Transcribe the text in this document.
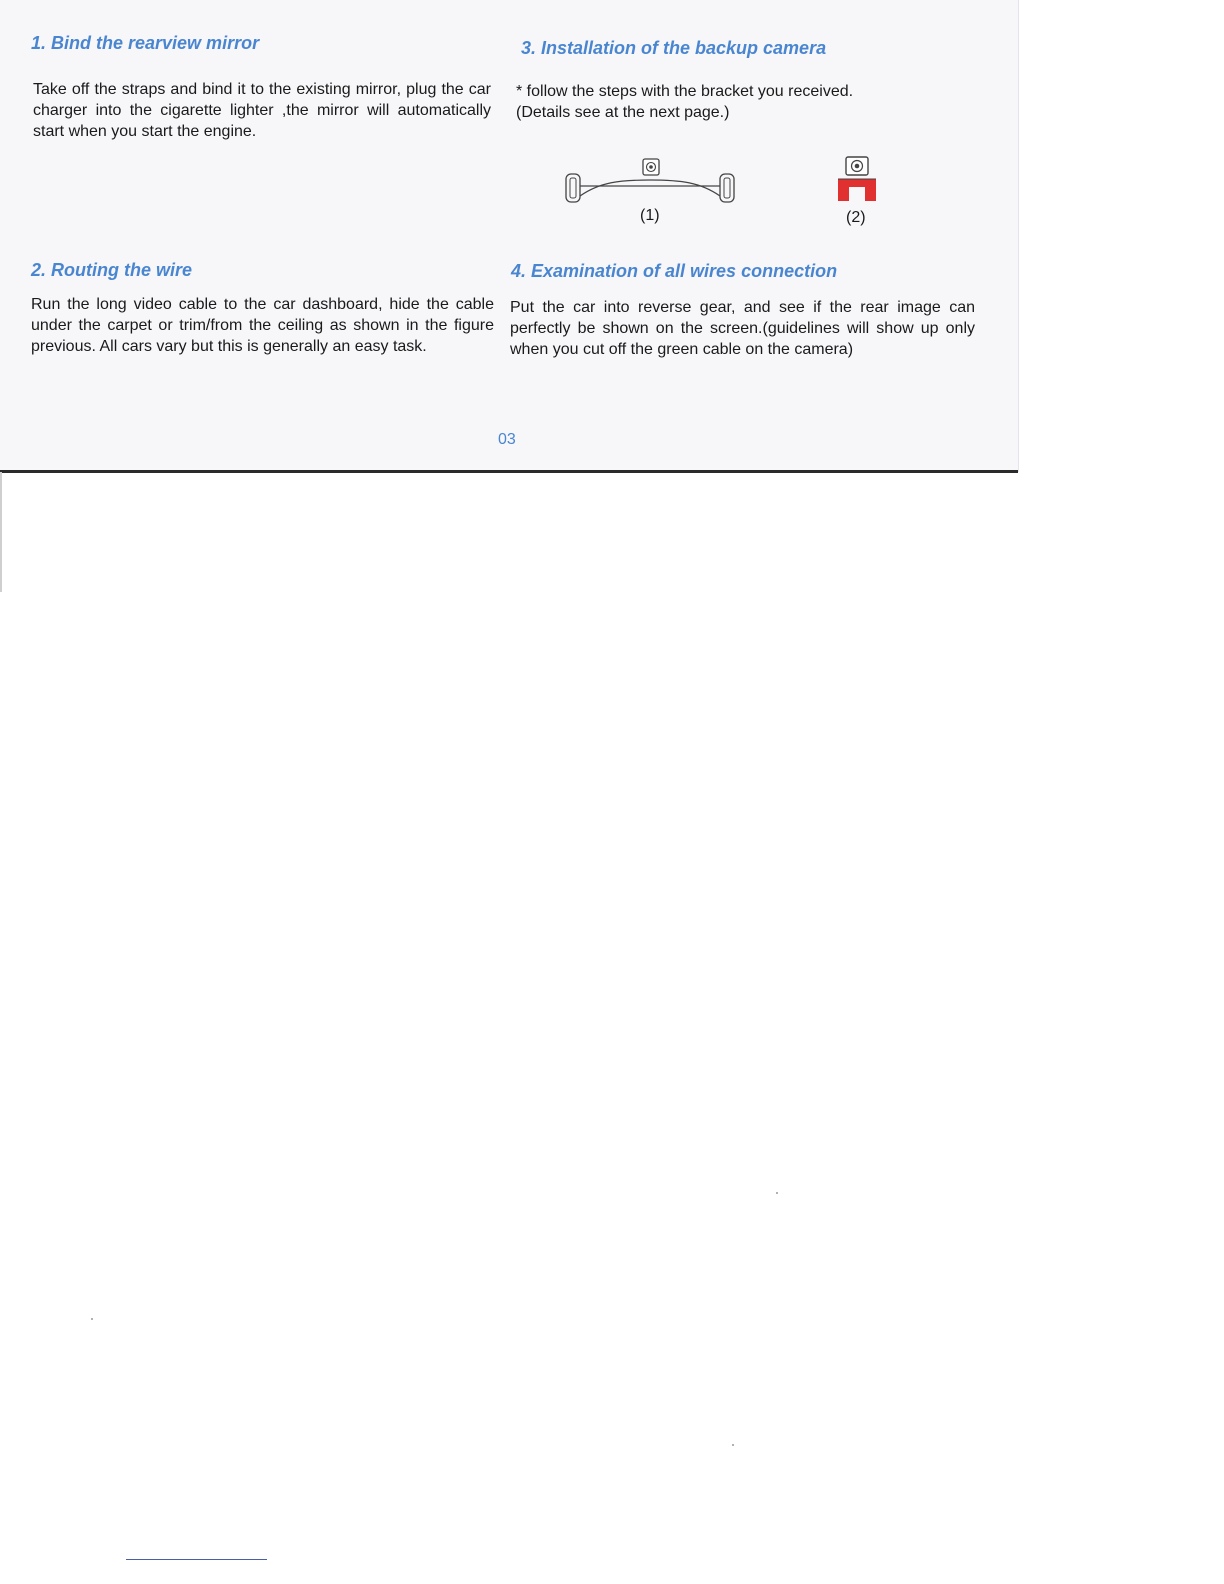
1. Bind the rearview mirror

Take off the straps and bind it to the existing mirror, plug the car charger into the cigarette lighter ,the mirror will automatically start when you start the engine.

2. Routing the wire

Run the long video cable to the car dashboard, hide the cable under the carpet or trim/from the ceiling as shown in the figure previous. All cars vary but this is generally an easy task.

3. Installation of the backup camera

* follow the steps with the bracket you received.

(Details see at the next page.)

(1)	(2)
4. Examination of all wires connection

Put the car into reverse gear, and see if the rear image can perfectly be shown on the screen.(guidelines will show up only when you cut off the green cable on the camera)

03
